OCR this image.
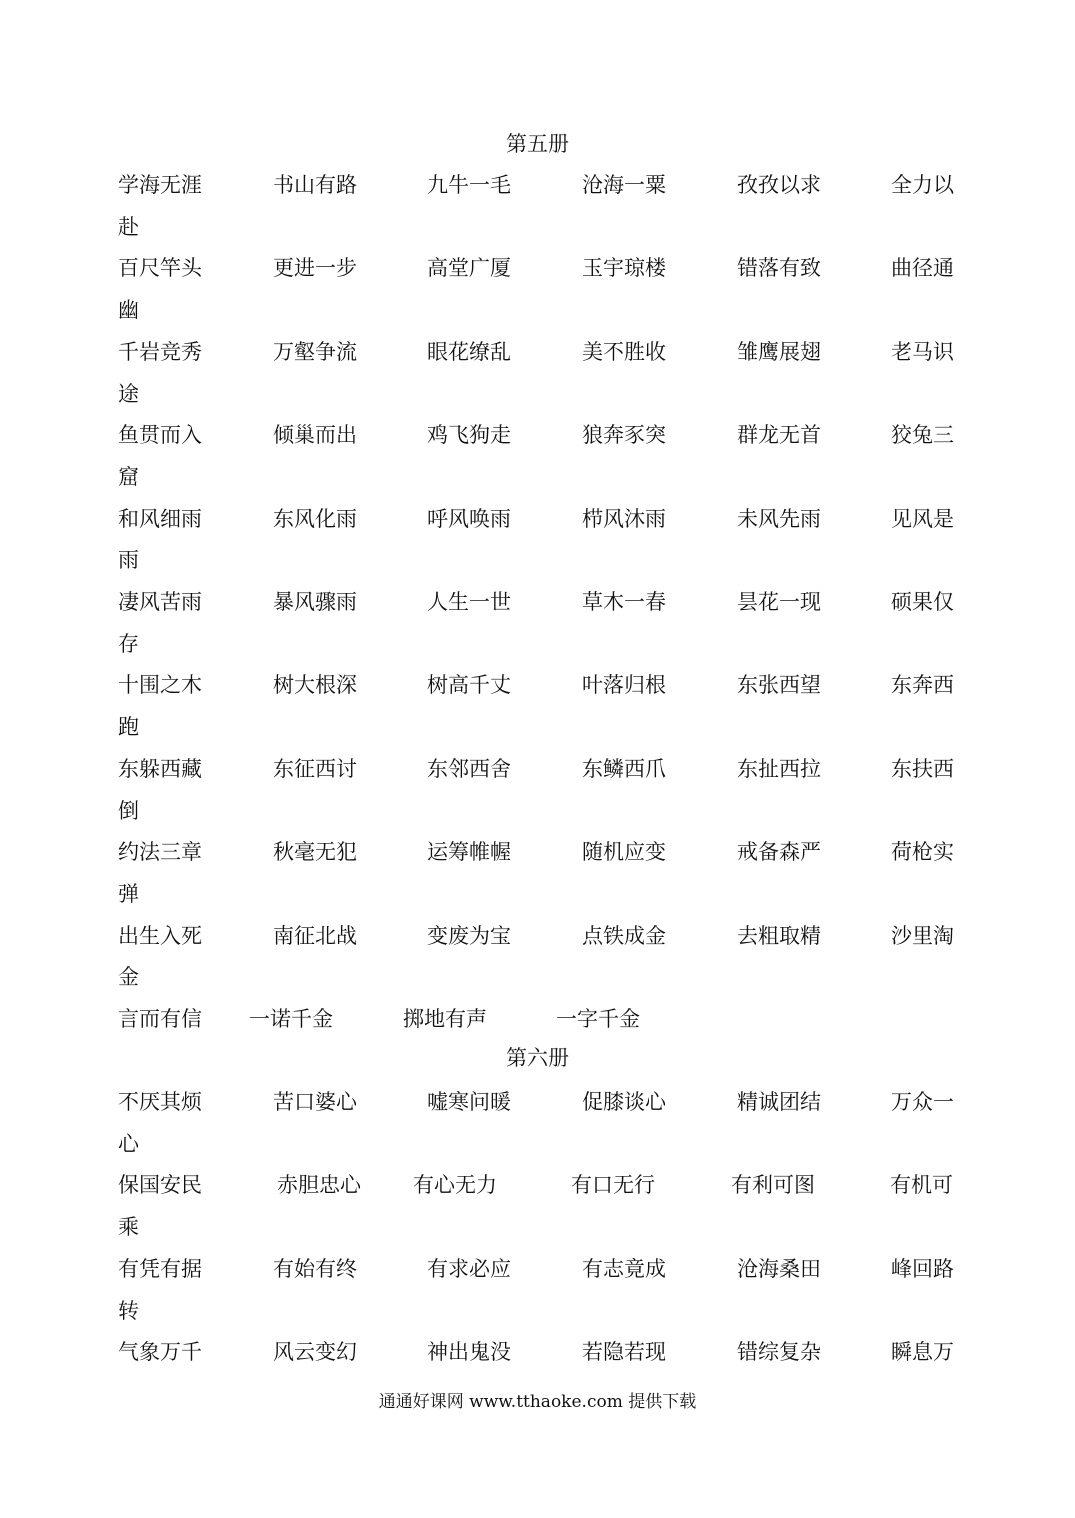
第五册
学海无涯	书山有路	九牛一毛	沧海一粟	孜孜以求	全力以
赴
百尺竿头	更进一步	高堂广厦	玉宇琼楼	错落有致	曲径通
幽
千岩竞秀	万壑争流	眼花缭乱	美不胜收	雏鹰展翅	老马识
途
鱼贯而入	倾巢而出	鸡飞狗走	狼奔豕突	群龙无首	狡兔三
窟
和风细雨	东风化雨	呼风唤雨	栉风沐雨	未风先雨	见风是
雨
凄风苦雨	暴风骤雨	人生一世	草木一春	昙花一现	硕果仅
存
十围之木	树大根深	树高千丈	叶落归根	东张西望	东奔西
跑
东躲西藏	东征西讨	东邻西舍	东鳞西爪	东扯西拉	东扶西
倒
约法三章	秋毫无犯	运筹帷幄	随机应变	戒备森严	荷枪实
弹
出生入死	南征北战	变废为宝	点铁成金	去粗取精	沙里淘
金
言而有信 一诺千金	掷地有声	一字千金
第六册
不厌其烦	苦口婆心	嘘寒问暖	促膝谈心	精诚团结	万众一
心
保国安民	赤胆忠心 有心无力	有口无行	有利可图	有机可
乘
有凭有据	有始有终	有求必应	有志竟成	沧海桑田	峰回路
转
气象万千	风云变幻	神出鬼没	若隐若现	错综复杂	瞬息万
通通好课网 www.tthaoke.com 提供下载
